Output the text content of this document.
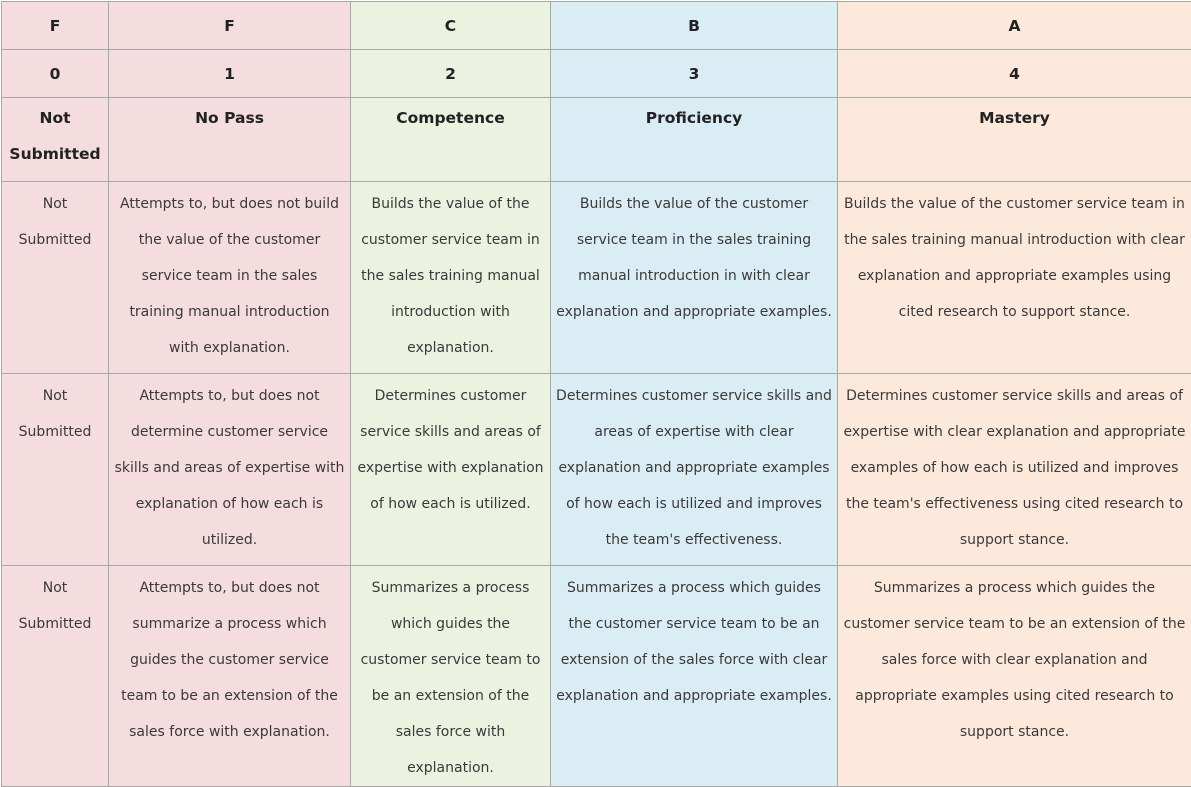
F	F	C	B	A
0	1	2	3	4
Not Submitted	No Pass	Competence	Proficiency	Mastery
Not Submitted	Attempts to, but does not build the value of the customer service team in the sales training manual introduction with explanation.	Builds the value of the customer service team in the sales training manual introduction with explanation.	Builds the value of the customer service team in the sales training manual introduction in with clear explanation and appropriate examples.	Builds the value of the customer service team in the sales training manual introduction with clear explanation and appropriate examples using cited research to support stance.
Not Submitted	Attempts to, but does not determine customer service skills and areas of expertise with explanation of how each is utilized.	Determines customer service skills and areas of expertise with explanation of how each is utilized.	Determines customer service skills and areas of expertise with clear explanation and appropriate examples of how each is utilized and improves the team's effectiveness.	Determines customer service skills and areas of expertise with clear explanation and appropriate examples of how each is utilized and improves the team's effectiveness using cited research to support stance.
Not Submitted	Attempts to, but does not summarize a process which guides the customer service team to be an extension of the sales force with explanation.	Summarizes a process which guides the customer service team to be an extension of the sales force with explanation.	Summarizes a process which guides the customer service team to be an extension of the sales force with clear explanation and appropriate examples.	Summarizes a process which guides the customer service team to be an extension of the sales force with clear explanation and appropriate examples using cited research to support stance.
